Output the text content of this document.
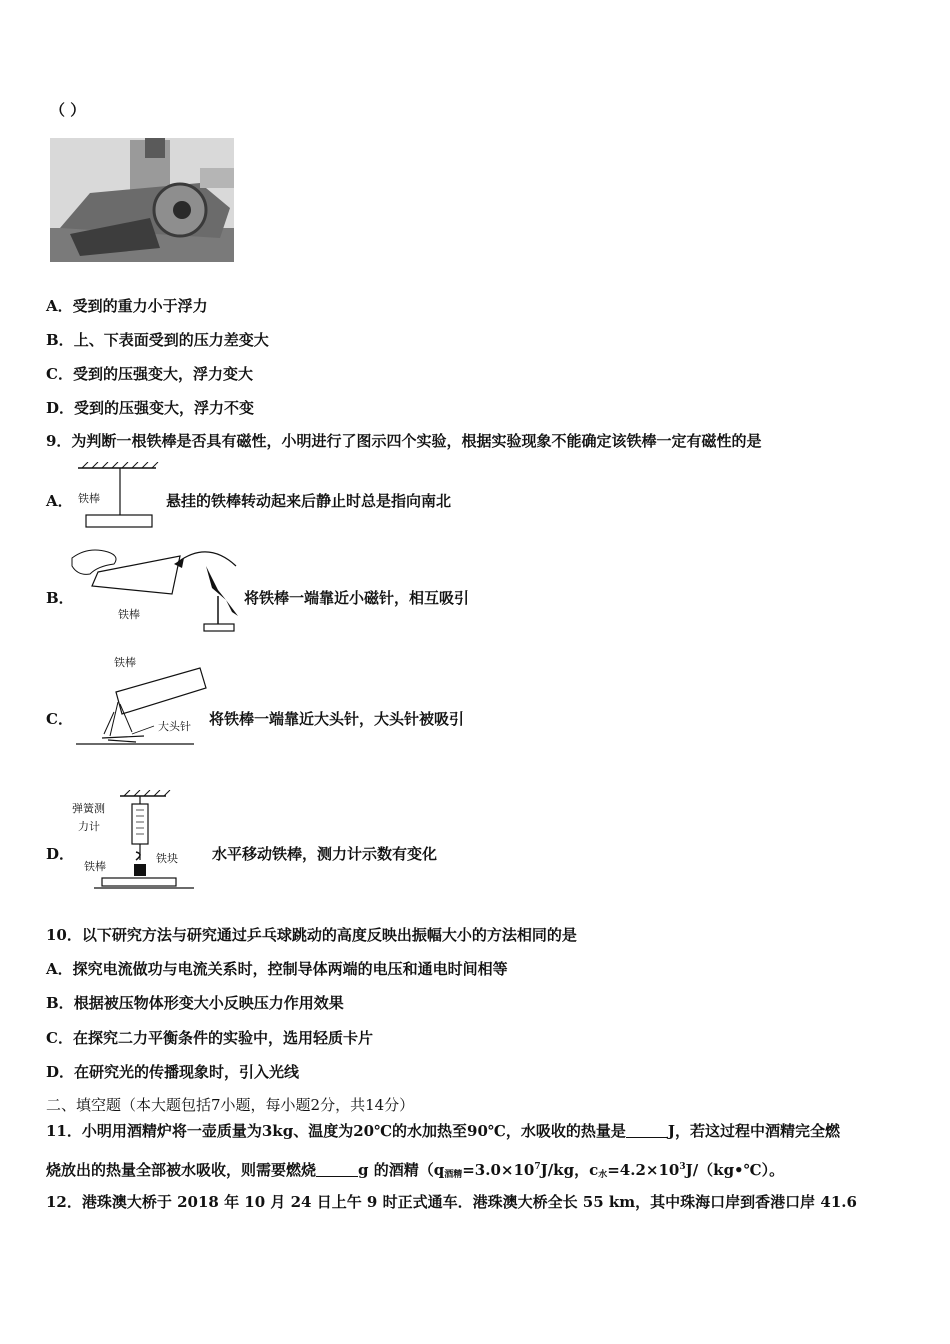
（ ）
A．受到的重力小于浮力
B．上、下表面受到的压力差变大
C．受到的压强变大，浮力变大
D．受到的压强变大，浮力不变
9．为判断一根铁棒是否具有磁性，小明进行了图示四个实验，根据实验现象不能确定该铁棒一定有磁性的是
A． 铁棒	悬挂的铁棒转动起来后静止时总是指向南北
B．
铁棒
将铁棒一端靠近小磁针，相互吸引
C．
铁棒
大头针 将铁棒一端靠近大头针，大头针被吸引
D．
弹簧测
力计
铁块
铁棒
水平移动铁棒，测力计示数有变化
10．以下研究方法与研究通过乒乓球跳动的高度反映出振幅大小的方法相同的是
A．探究电流做功与电流关系时，控制导体两端的电压和通电时间相等
B．根据被压物体形变大小反映压力作用效果
C．在探究二力平衡条件的实验中，选用轻质卡片
D．在研究光的传播现象时，引入光线
二、填空题（本大题包括7小题，每小题2分，共14分）
11．小明用酒精炉将一壶质量为3kg、温度为20℃的水加热至90℃，水吸收的热量是	J，若这过程中酒精完全燃
烧放出的热量全部被水吸收，则需要燃烧	g 的酒精（$q_{酒精}=3.0\times 10^7J/kg$，$c_水=4.2\times 10^3J/(kg•℃)$。
12．港珠澳大桥于 2018 年 10 月 24 日上午 9 时正式通车．港珠澳大桥全长 55 km，其中珠海口岸到香港口岸 41.6
